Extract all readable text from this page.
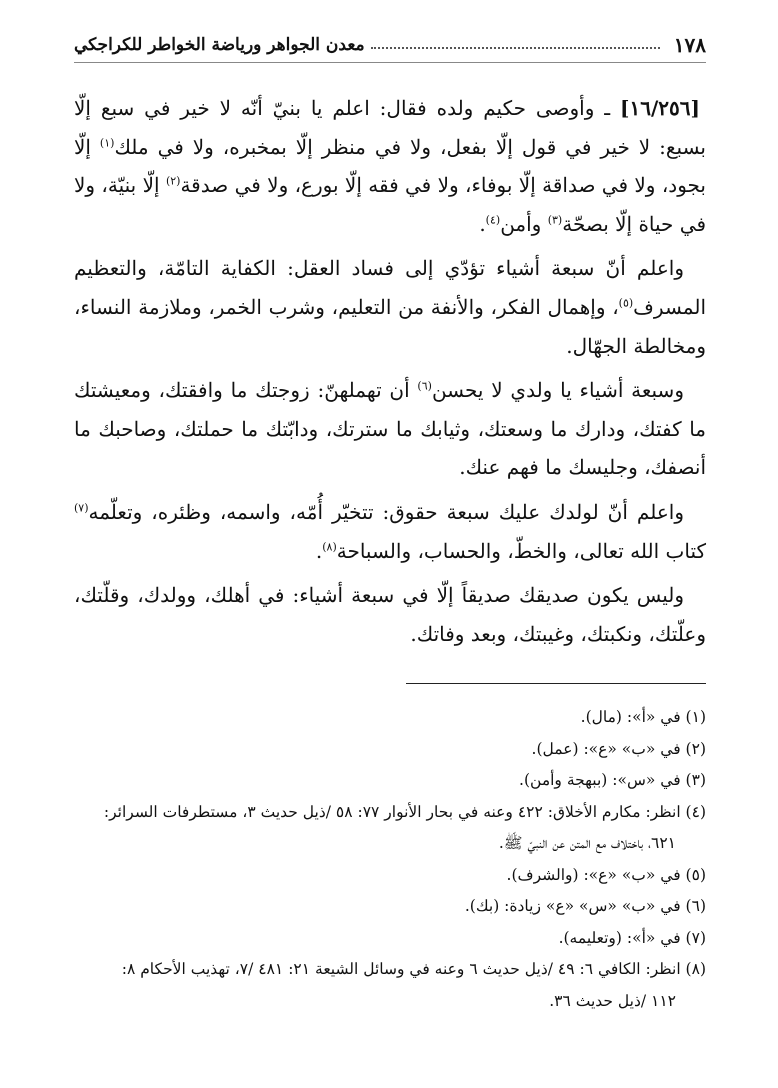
١٧٨
معدن الجواهر ورياضة الخواطر للكراجكي

[١٦/٢٥٦] ـ وأوصى حكيم ولده فقال: اعلم يا بنيّ أنّه لا خير في سبع إلّا بسبع: لا خير في قول إلّا بفعل، ولا في منظر إلّا بمخبره، ولا في ملك$^{(١)}$ إلّا بجود، ولا في صداقة إلّا بوفاء، ولا في فقه إلّا بورع، ولا في صدقة$^{(٢)}$ إلّا بنيّة، ولا في حياة إلّا بصحّة$^{(٣)}$ وأمن$^{(٤)}$.

واعلم أنّ سبعة أشياء تؤدّي إلى فساد العقل: الكفاية التامّة، والتعظيم المسرف$^{(٥)}$، وإهمال الفكر، والأنفة من التعليم، وشرب الخمر، وملازمة النساء، ومخالطة الجهّال.

وسبعة أشياء يا ولدي لا يحسن$^{(٦)}$ أن تهملهنّ: زوجتك ما وافقتك، ومعيشتك ما كفتك، ودارك ما وسعتك، وثيابك ما سترتك، ودابّتك ما حملتك، وصاحبك ما أنصفك، وجليسك ما فهم عنك.

واعلم أنّ لولدك عليك سبعة حقوق: تتخيّر أُمّه، واسمه، وظئره، وتعلّمه$^{(٧)}$ كتاب الله تعالى، والخطّ، والحساب، والسباحة$^{(٨)}$.

وليس يكون صديقك صديقاً إلّا في سبعة أشياء: في أهلك، وولدك، وقلّتك، وعلّتك، ونكبتك، وغيبتك، وبعد وفاتك.

(١) في «أ»: (مال).

(٢) في «ب» «ع»: (عمل).

(٣) في «س»: (ببهجة وأمن).

(٤) انظر: مكارم الأخلاق: ٤٢٢ وعنه في بحار الأنوار ٧٧: ٥٨ /ذيل حديث ٣، مستطرفات السرائر:
٦٢١، باختلاف مع المتن عن النبيّ ﷺ.

(٥) في «ب» «ع»: (والشرف).

(٦) في «ب» «س» «ع» زيادة: (بك).

(٧) في «أ»: (وتعليمه).

(٨) انظر: الكافي ٦: ٤٩ /ذيل حديث ٦ وعنه في وسائل الشيعة ٢١: ٤٨١ /٧، تهذيب الأحكام ٨:
١١٢ /ذيل حديث ٣٦.
